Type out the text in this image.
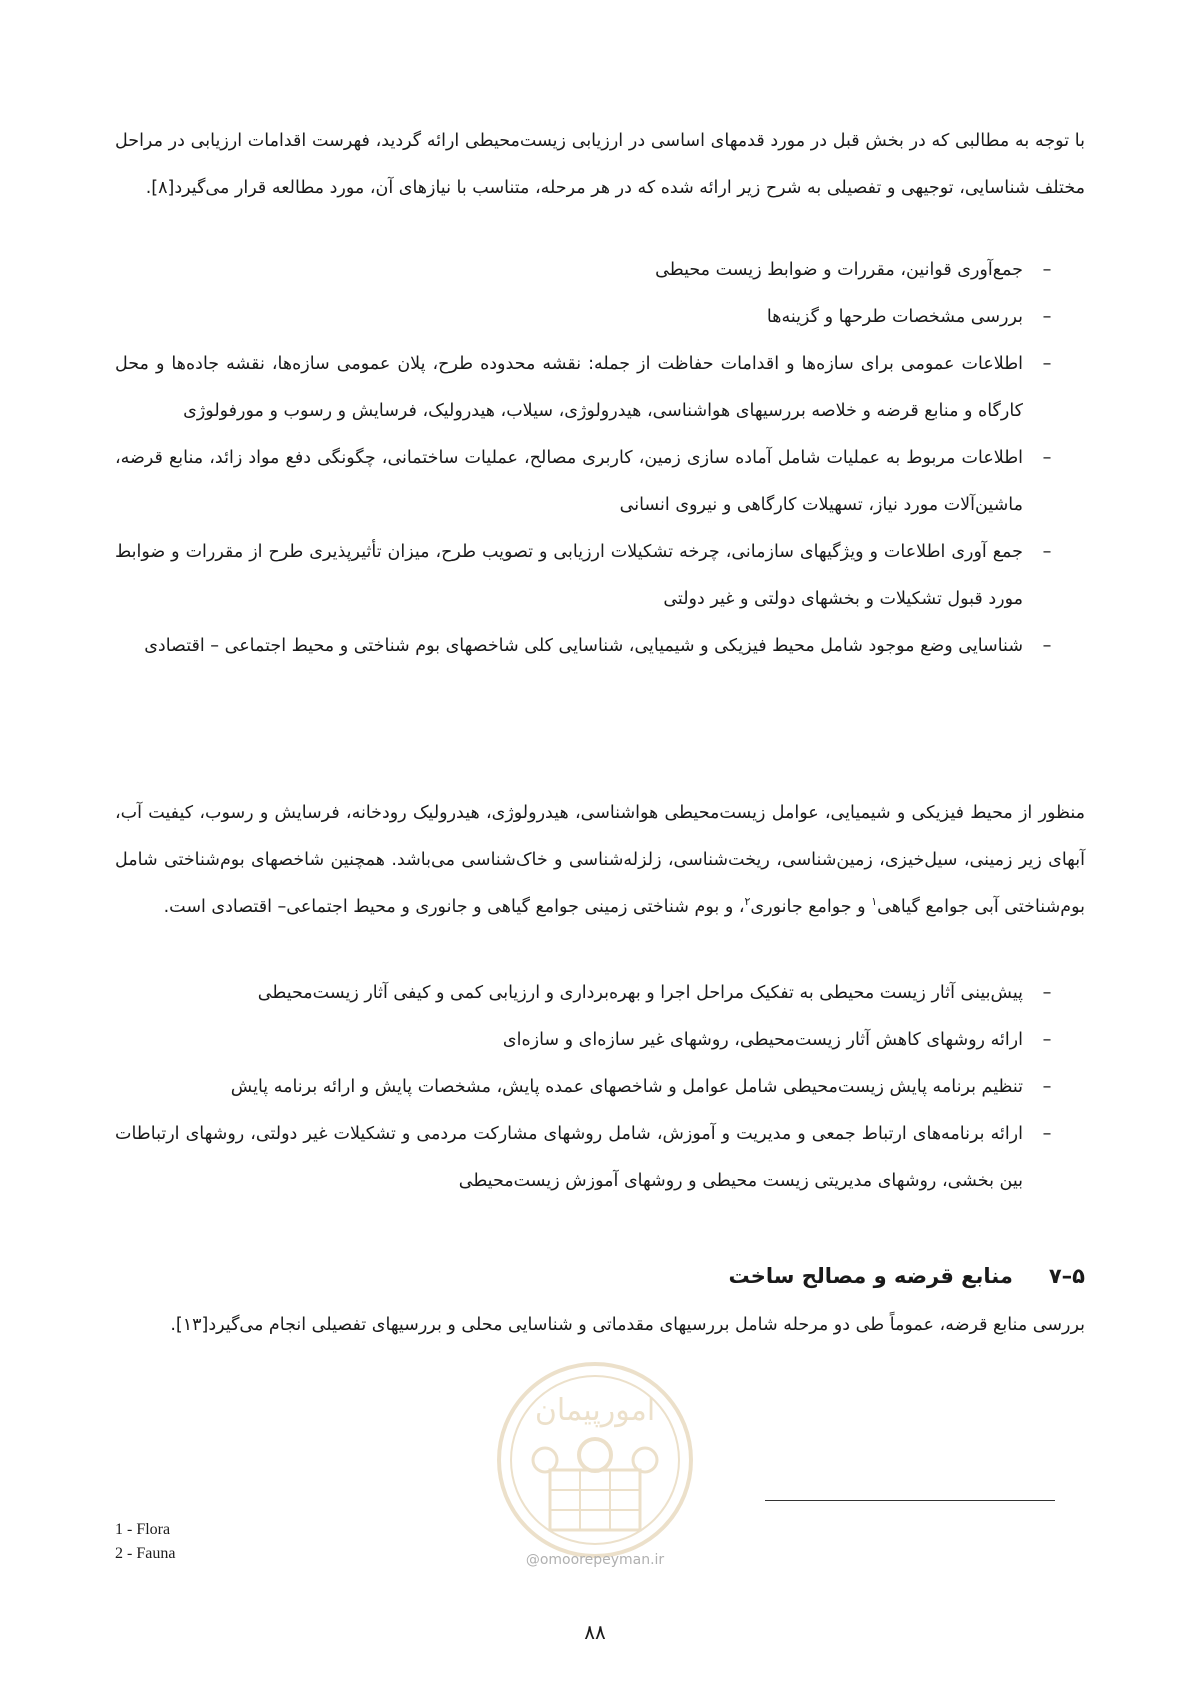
با توجه به مطالبی که در بخش قبل در مورد قدمهای اساسی در ارزیابی زیست‌محیطی ارائه گردید، فهرست اقدامات ارزیابی در مراحل مختلف شناسایی، توجیهی و تفصیلی به شرح زیر ارائه شده که در هر مرحله، متناسب با نیازهای آن، مورد مطالعه قرار می‌گیرد[۸].

–
جمع‌آوری قوانین، مقررات و ضوابط زیست محیطی
–
بررسی مشخصات طرحها و گزینه‌ها
–
اطلاعات عمومی برای سازه‌ها و اقدامات حفاظت از جمله: نقشه محدوده طرح، پلان عمومی سازه‌ها، نقشه جاده‌ها و محل کارگاه و منابع قرضه و خلاصه بررسیهای هواشناسی، هیدرولوژی، سیلاب، هیدرولیک، فرسایش و رسوب و مورفولوژی
–
اطلاعات مربوط به عملیات شامل آماده سازی زمین، کاربری مصالح، عملیات ساختمانی، چگونگی دفع مواد زائد، منابع قرضه، ماشین‌آلات مورد نیاز، تسهیلات کارگاهی و نیروی انسانی
–
جمع آوری اطلاعات و ویژگیهای سازمانی، چرخه تشکیلات ارزیابی و تصویب طرح، میزان تأثیرپذیری طرح از مقررات و ضوابط مورد قبول تشکیلات و بخشهای دولتی و غیر دولتی
–
شناسایی وضع موجود شامل محیط فیزیکی و شیمیایی، شناسایی کلی شاخصهای بوم شناختی و محیط اجتماعی – اقتصادی

منظور از محیط فیزیکی و شیمیایی، عوامل زیست‌محیطی هواشناسی، هیدرولوژی، هیدرولیک رودخانه، فرسایش و رسوب، کیفیت آب، آبهای زیر زمینی، سیل‌خیزی، زمین‌شناسی، ریخت‌شناسی، زلزله‌شناسی و خاک‌شناسی می‌باشد. همچنین شاخصهای بوم‌شناختی شامل بوم‌شناختی آبی جوامع گیاهی$^۱$ و جوامع جانوری$^۲$، و بوم شناختی زمینی جوامع گیاهی و جانوری و محیط اجتماعی– اقتصادی است.

–
پیش‌بینی آثار زیست محیطی به تفکیک مراحل اجرا و بهره‌برداری و ارزیابی کمی و کیفی آثار زیست‌محیطی
–
ارائه روشهای کاهش آثار زیست‌محیطی، روشهای غیر سازه‌ای و سازه‌ای
–
تنظیم برنامه پایش زیست‌محیطی شامل عوامل و شاخصهای عمده پایش، مشخصات پایش و ارائه برنامه پایش
–
ارائه برنامه‌های ارتباط جمعی و مدیریت و آموزش، شامل روشهای مشارکت مردمی و تشکیلات غیر دولتی، روشهای ارتباطات بین بخشی، روشهای مدیریتی زیست محیطی و روشهای آموزش زیست‌محیطی
۵–۷منابع قرضه و مصالح ساخت

بررسی منابع قرضه، عموماً طی دو مرحله شامل بررسیهای مقدماتی و شناسایی محلی و بررسیهای تفصیلی انجام می‌گیرد[۱۳].

امورپیمان
@omoorepeyman.ir
1 - Flora
2 - Fauna
۸۸
